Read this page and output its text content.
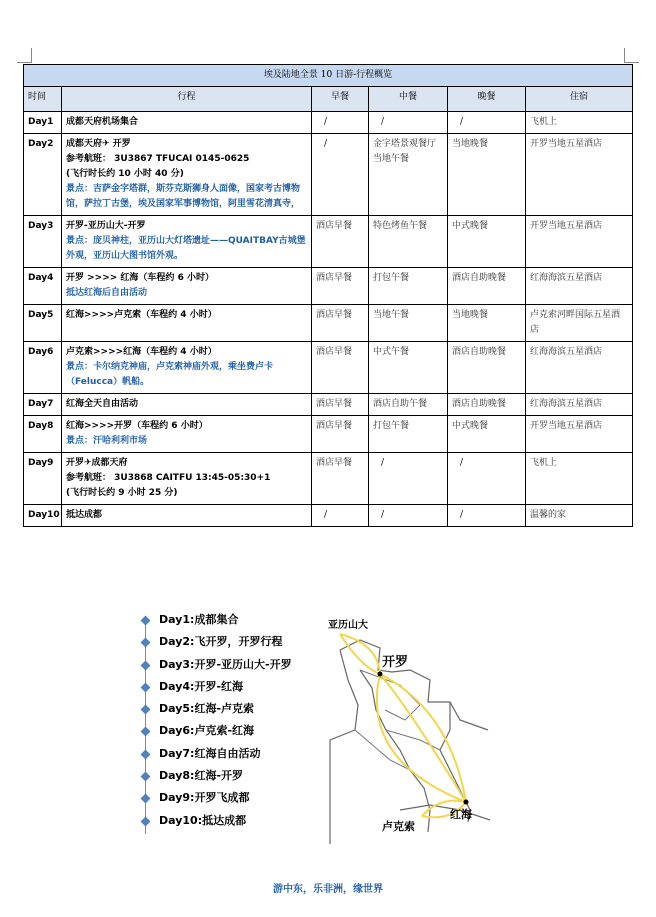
埃及陆地全景 10 日游-行程概览					
时间	行程	早餐	中餐	晚餐	住宿
Day1	成都天府机场集合	/	/	/	飞机上
Day2	成都天府✈ 开罗
参考航班： 3U3867 TFUCAI 0145-0625
(飞行时长约 10 小时 40 分)
景点：吉萨金字塔群，斯芬克斯狮身人面像，国家考古博物馆，萨拉丁古堡，埃及国家军事博物馆，阿里雪花清真寺，	/	金字塔景观餐厅当地午餐	当地晚餐	开罗当地五星酒店
Day3	开罗-亚历山大-开罗
景点：庞贝神柱，亚历山大灯塔遗址——QUAITBAY古城堡外观，亚历山大图书馆外观。	酒店早餐	特色烤鱼午餐	中式晚餐	开罗当地五星酒店
Day4	开罗 >>>> 红海（车程约 6 小时）
抵达红海后自由活动	酒店早餐	打包午餐	酒店自助晚餐	红海海滨五星酒店
Day5	红海>>>>卢克索（车程约 4 小时）	酒店早餐	当地午餐	当地晚餐	卢克索河畔国际五星酒店
Day6	卢克索>>>>红海（车程约 4 小时）
景点：卡尔纳克神庙，卢克索神庙外观，乘坐费卢卡（Felucca）帆船。	酒店早餐	中式午餐	酒店自助晚餐	红海海滨五星酒店
Day7	红海全天自由活动	酒店早餐	酒店自助午餐	酒店自助晚餐	红海海滨五星酒店
Day8	红海>>>>开罗（车程约 6 小时）
景点：汗哈利利市场	酒店早餐	打包午餐	中式晚餐	开罗当地五星酒店
Day9	开罗✈成都天府
参考航班： 3U3868 CAITFU 13:45-05:30+1
(飞行时长约 9 小时 25 分)	酒店早餐	/	/	飞机上
Day10	抵达成都	/	/	/	温馨的家
Day1:成都集合
Day2:飞开罗，开罗行程
Day3:开罗-亚历山大-开罗
Day4:开罗-红海
Day5:红海-卢克索
Day6:卢克索-红海
Day7:红海自由活动
Day8:红海-开罗
Day9:开罗飞成都
Day10:抵达成都
亚历山大
开罗
卢克索
红海
游中东，乐非洲，缘世界
